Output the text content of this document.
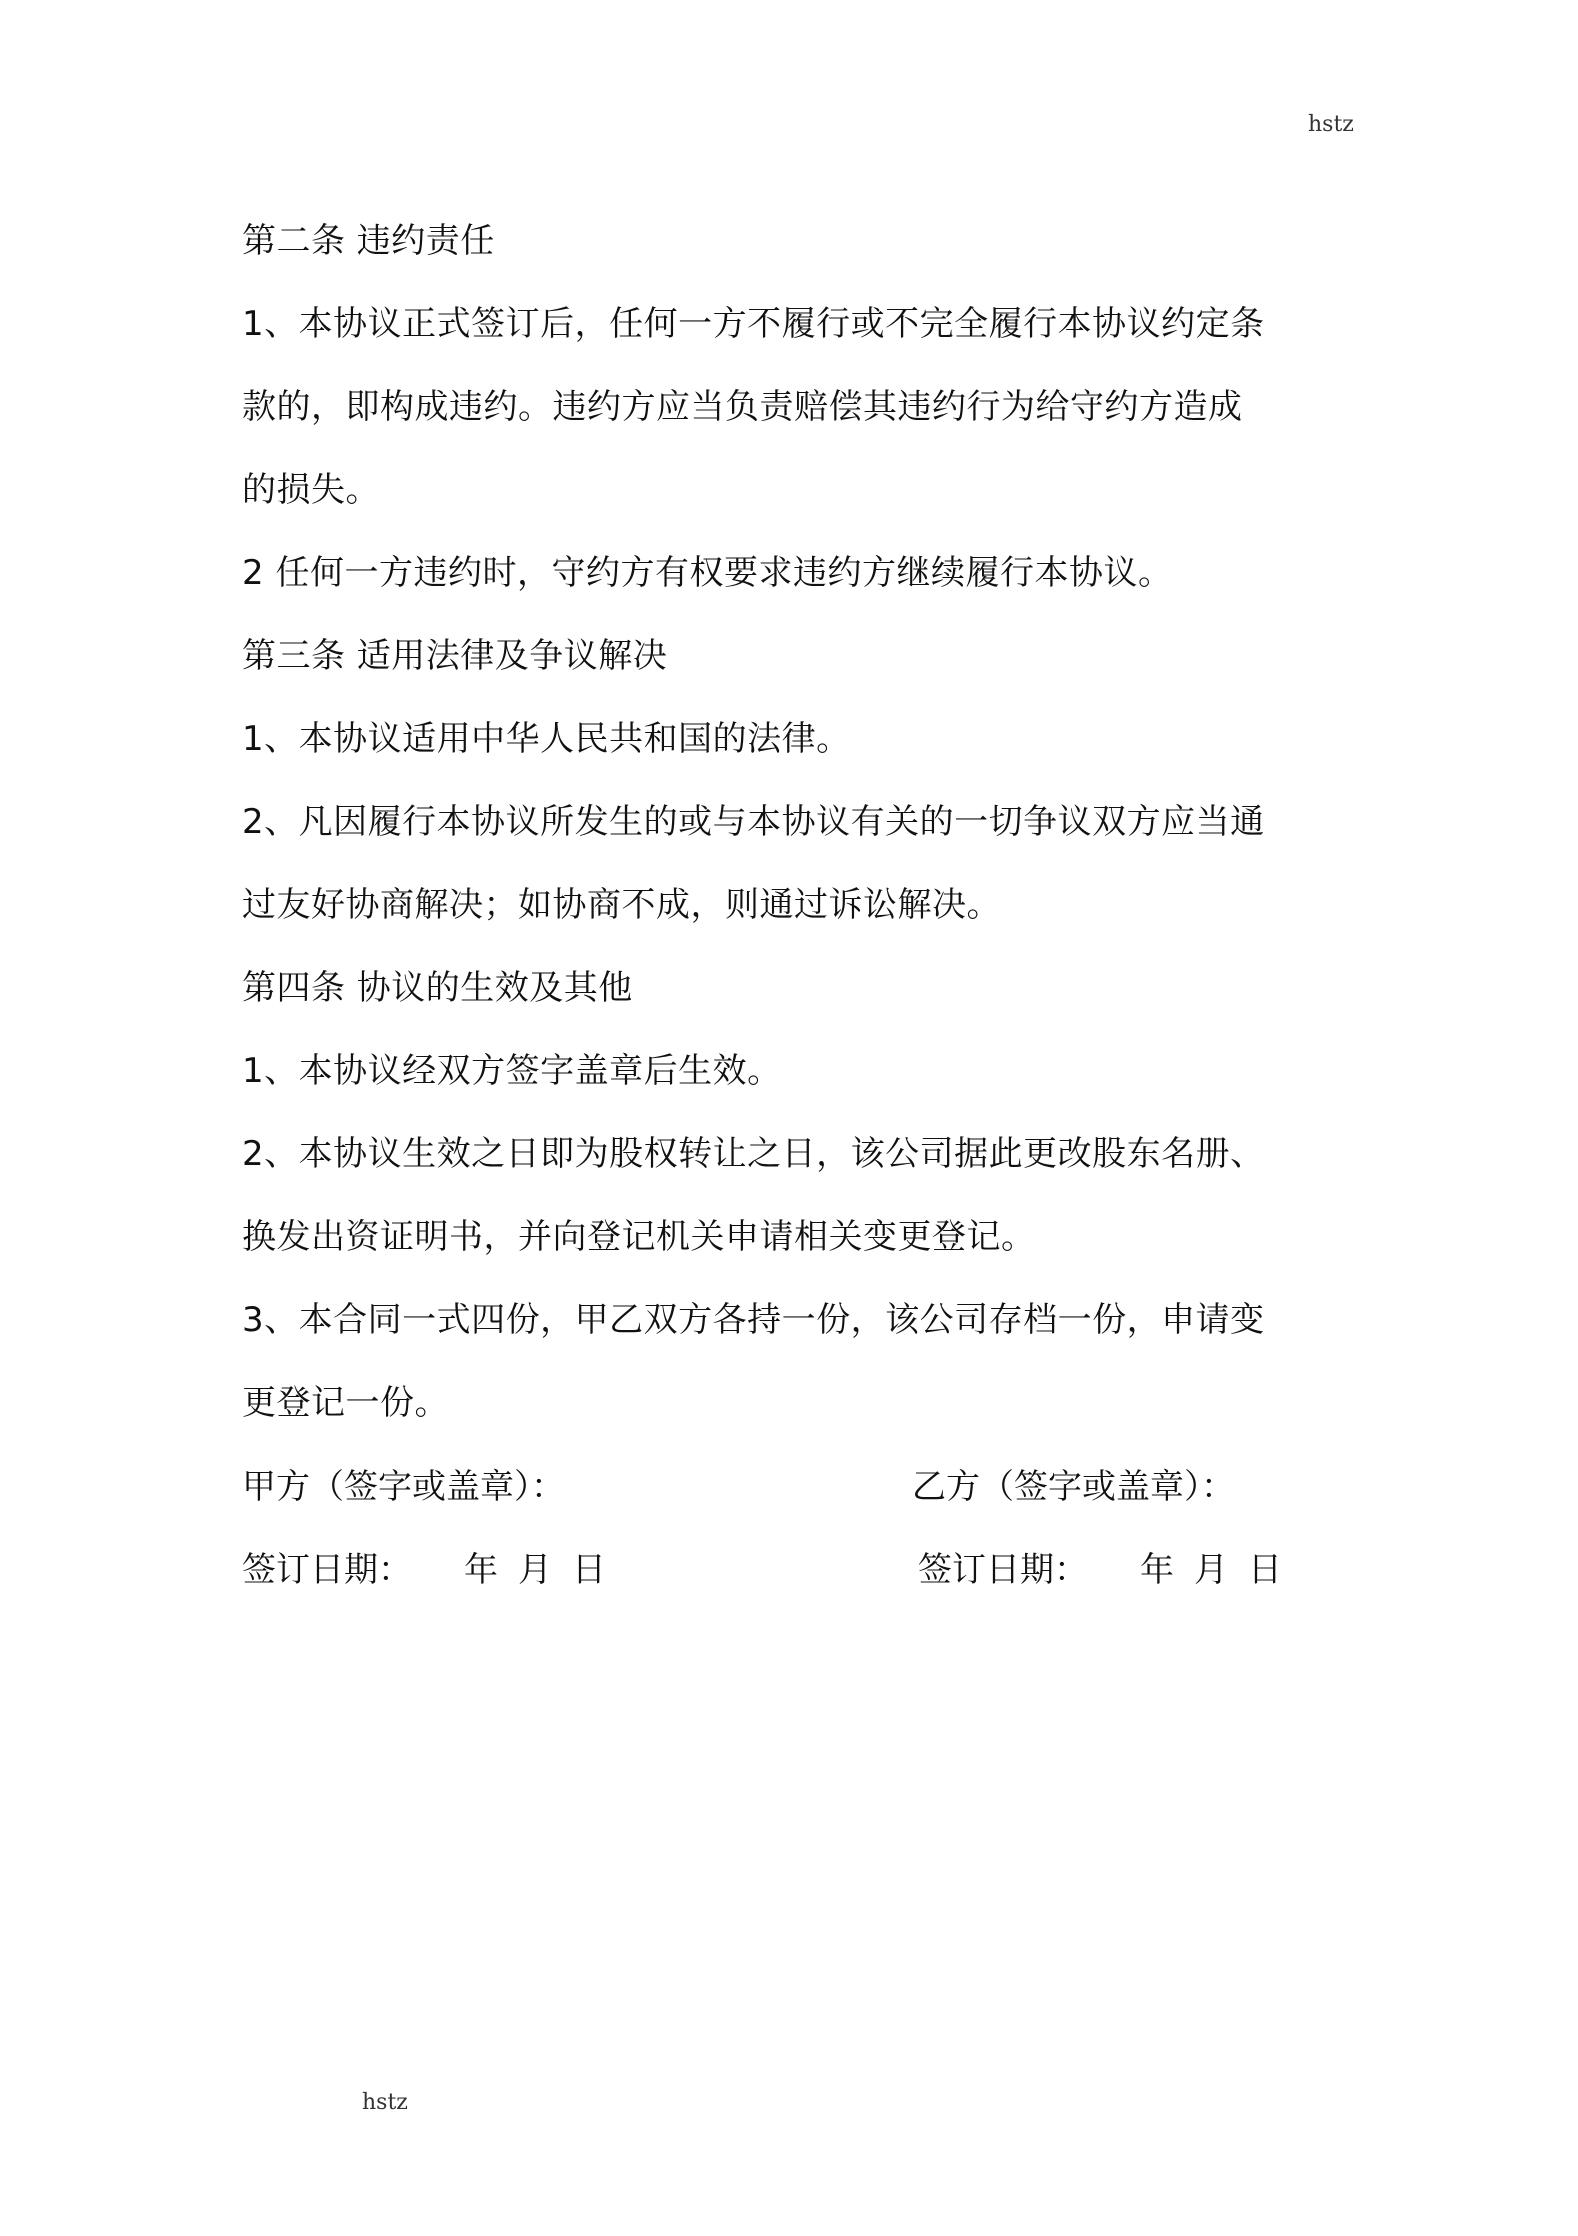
hstz
第二条 违约责任
1、本协议正式签订后，任何一方不履行或不完全履行本协议约定条
款的，即构成违约。违约方应当负责赔偿其违约行为给守约方造成
的损失。
2 任何一方违约时，守约方有权要求违约方继续履行本协议。
第三条 适用法律及争议解决
1、本协议适用中华人民共和国的法律。
2、凡因履行本协议所发生的或与本协议有关的一切争议双方应当通
过友好协商解决；如协商不成，则通过诉讼解决。
第四条 协议的生效及其他
1、本协议经双方签字盖章后生效。
2、本协议生效之日即为股权转让之日，该公司据此更改股东名册、
换发出资证明书，并向登记机关申请相关变更登记。
3、本合同一式四份，甲乙双方各持一份，该公司存档一份，申请变
更登记一份。
甲方（签字或盖章）：	乙方（签字或盖章）：
签订日期： 年 月 日	签订日期： 年 月 日
hstz
